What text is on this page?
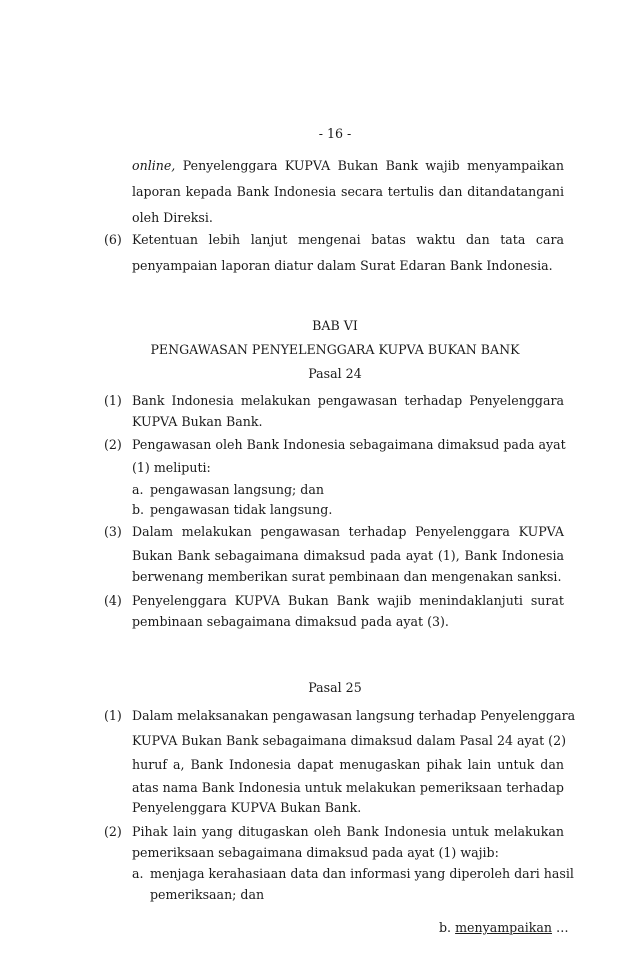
- 16 -
online, Penyelenggara KUPVA Bukan Bank wajib menyampaikan
laporan kepada Bank Indonesia secara tertulis dan ditandatangani
oleh Direksi.
(6) Ketentuan lebih lanjut mengenai batas waktu dan tata cara
penyampaian laporan diatur dalam Surat Edaran Bank Indonesia.
BAB VI
PENGAWASAN PENYELENGGARA KUPVA BUKAN BANK
Pasal 24
(1) Bank Indonesia melakukan pengawasan terhadap Penyelenggara
KUPVA Bukan Bank.
(2) Pengawasan oleh Bank Indonesia sebagaimana dimaksud pada ayat
(1) meliputi:
a. pengawasan langsung; dan
b. pengawasan tidak langsung.
(3) Dalam melakukan pengawasan terhadap Penyelenggara KUPVA
Bukan Bank sebagaimana dimaksud pada ayat (1), Bank Indonesia
berwenang memberikan surat pembinaan dan mengenakan sanksi.
(4) Penyelenggara KUPVA Bukan Bank wajib menindaklanjuti surat
pembinaan sebagaimana dimaksud pada ayat (3).
Pasal 25
(1) Dalam melaksanakan pengawasan langsung terhadap Penyelenggara
KUPVA Bukan Bank sebagaimana dimaksud dalam Pasal 24 ayat (2)
huruf a, Bank Indonesia dapat menugaskan pihak lain untuk dan
atas nama Bank Indonesia untuk melakukan pemeriksaan terhadap
Penyelenggara KUPVA Bukan Bank.
(2) Pihak lain yang ditugaskan oleh Bank Indonesia untuk melakukan
pemeriksaan sebagaimana dimaksud pada ayat (1) wajib:
a. menjaga kerahasiaan data dan informasi yang diperoleh dari hasil
pemeriksaan; dan
b. menyampaikan …
